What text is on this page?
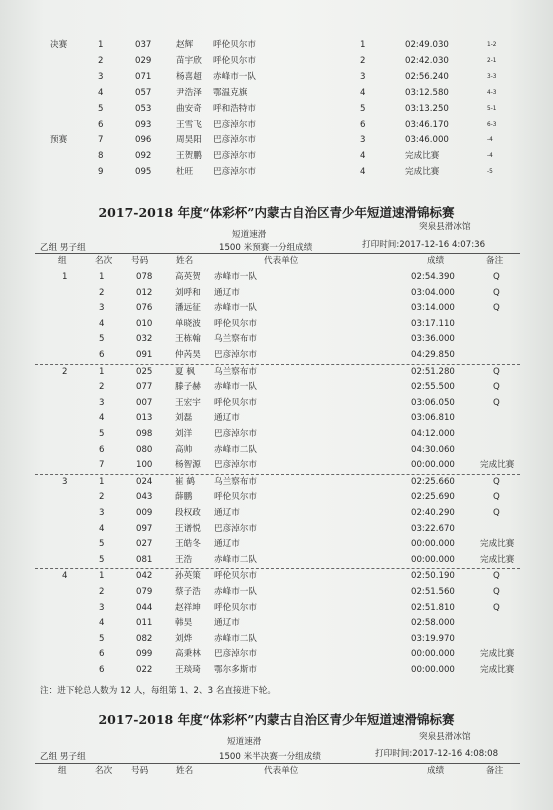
决赛	1	037	赵辉 呼伦贝尔市	1	02:49.030	1-2
2	029	苗宇欣 呼伦贝尔市	2	02:42.030	2-1
3	071	杨喜超 赤峰市一队	3	02:56.240	3-3
4	057	尹浩泽 鄂温克旗	4	03:12.580	4-3
5	053	曲安奇 呼和浩特市	5	03:13.250	5-1
6	093	王雪飞 巴彦淖尔市	6	03:46.170	6-3
预赛	7	096	周昊阳 巴彦淖尔市	3	03:46.000	-4
8	092	王贺鹏 巴彦淖尔市	4	完成比赛	-4
9	095	杜旺 巴彦淖尔市	4	完成比赛	-5
2017-2018 年度“体彩杯”内蒙古自治区青少年短道速滑锦标赛
突泉县滑冰馆
短道速滑
乙组 男子组	1500 米预赛一分组成绩	打印时间:2017-12-16 4:07:36
组	名次 号码	姓名	代表单位	成绩	备注
1	1	078	高英贺 赤峰市一队	02:54.390	Q
2	012	刘呼和 通辽市	03:04.000	Q
3	076	潘远征 赤峰市一队	03:14.000	Q
4	010	单晓波 呼伦贝尔市	03:17.110
5	032	王栋翰 乌兰察布市	03:36.000
6	091	仲芮昊 巴彦淖尔市	04:29.850
2	1	025	夏 枫 乌兰察布市	02:51.280	Q
2	077	滕子赫 赤峰市一队	02:55.500	Q
3	007	王宏宇 呼伦贝尔市	03:06.050	Q
4	013	刘磊	通辽市	03:06.810
5	098	刘洋	巴彦淖尔市	04:12.000
6	080	高帅	赤峰市二队	04:30.060
7	100	杨智源 巴彦淖尔市	00:00.000	完成比赛
3	1	024	崔 鹤 乌兰察布市	02:25.660	Q
2	043	薛鹏	呼伦贝尔市	02:25.690	Q
3	009	段权政 通辽市	02:40.290	Q
4	097	王谱悦 巴彦淖尔市	03:22.670
5	027	王皓冬 通辽市	00:00.000	完成比赛
5	081	王浩	赤峰市二队	00:00.000	完成比赛
4	1	042	孙英策 呼伦贝尔市	02:50.190	Q
2	079	蔡子浩 赤峰市一队	02:51.560	Q
3	044	赵祥坤 呼伦贝尔市	02:51.810	Q
4	011	韩昊	通辽市	02:58.000
5	082	刘烨	赤峰市二队	03:19.970
6	099	高秉林 巴彦淖尔市	00:00.000	完成比赛
6	022	王琰琦 鄂尔多斯市	00:00.000	完成比赛
注：进下轮总人数为 12 人，每组第 1、2、3 名直接进下轮。
2017-2018 年度“体彩杯”内蒙古自治区青少年短道速滑锦标赛
突泉县滑冰馆
短道速滑
乙组 男子组	1500 米半决赛一分组成绩	打印时间:2017-12-16 4:08:08
组	名次 号码	姓名	代表单位	成绩	备注
